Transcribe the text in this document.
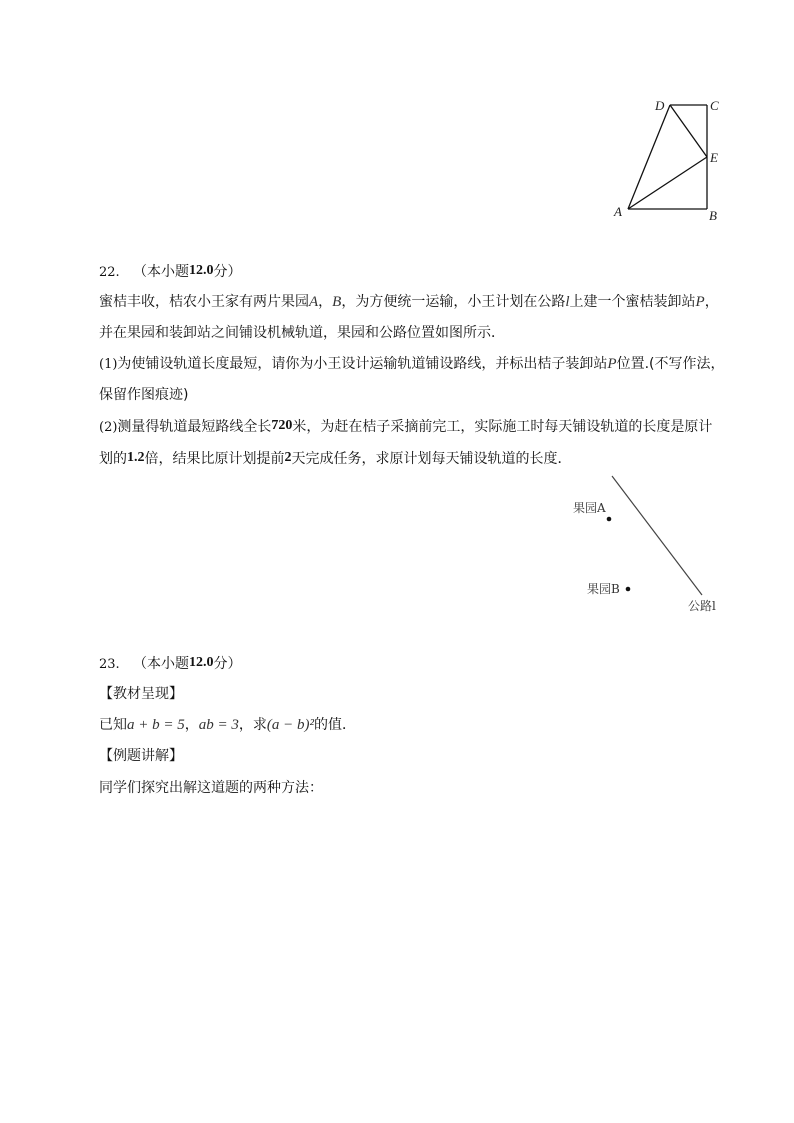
D	C
E
A	B
果园A
果园B
公路l
22. （本小题12.0分）
蜜桔丰收，桔农小王家有两片果园A，B，为方便统一运输，小王计划在公路l上建一个蜜桔装卸站P，
并在果园和装卸站之间铺设机械轨道，果园和公路位置如图所示．
(1)为使铺设轨道长度最短，请你为小王设计运输轨道铺设路线，并标出桔子装卸站P位置.(不写作法，
保留作图痕迹)
(2)测量得轨道最短路线全长720米，为赶在桔子采摘前完工，实际施工时每天铺设轨道的长度是原计
划的1.2倍，结果比原计划提前2天完成任务，求原计划每天铺设轨道的长度．
23. （本小题12.0分）
【教材呈现】
已知a + b = 5，ab = 3，求(a − b)²的值．
【例题讲解】
同学们探究出解这道题的两种方法：
